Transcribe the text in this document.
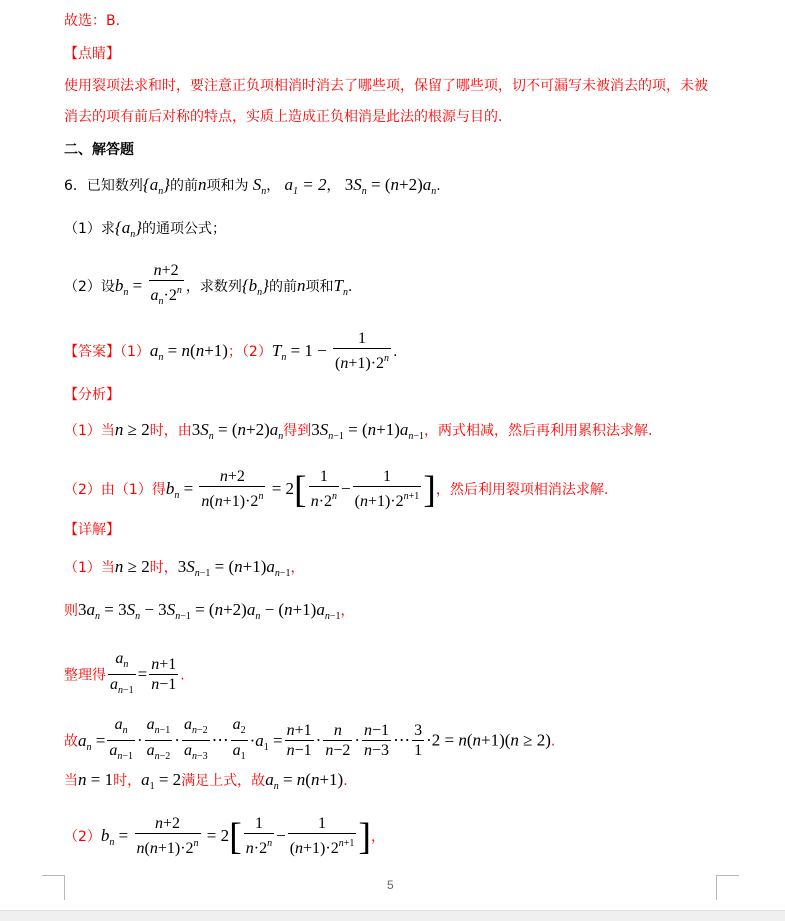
故选：B.
【点睛】
使用裂项法求和时，要注意正负项相消时消去了哪些项，保留了哪些项，切不可漏写未被消去的项，未被
消去的项有前后对称的特点，实质上造成正负相消是此法的根源与目的.
二、解答题
6．已知数列$\{a_n\}$的前n项和为 $S_n$， $a_1 = 2$， $3S_n = (n+2)a_n$.
（1）求$\{a_n\}$的通项公式；
（2）设$b_n = \frac{n+2}{a_n\cdot 2^n}$ ，求数列$\{b_n\}$的前n项和$T_n$．
【答案】$(1)a_n = n(n+1)$；$(2)T_n = 1 - \frac{1}{(n+1)\cdot 2^n}$ .
【分析】
（1）当n ≥ 2时，由$3S_n = (n+2)a_n$得到$3S_{n-1} = (n+1)a_{n-1}$，两式相减，然后再利用累积法求解.
（2）由（1）得$b_n = \frac{n+2}{n(n+1)\cdot 2^n} = 2[ \frac{1}{n\cdot 2^n} - \frac{1}{(n+1)\cdot 2^{n+1}}$ ]，然后利用裂项相消法求解.
【详解】
（1）当n ≥ 2时，$3S_{n-1} = (n+1)a_{n-1}$，
则$3a_n = 3S_n - 3S_{n-1} = (n+2)a_n - (n+1)a_{n-1}$，
整理得 $\frac{a_n}{a_{n-1}} = \frac{n+1}{n-1}$ .
故$a_n = \frac{a_n}{a_{n-1}} \cdot \frac{a_{n-1}}{a_{n-2}} \cdot \frac{a_{n-2}}{a_{n-3}}$ ⋯ $\frac{a_2}{a_1} \cdot a_1 = \frac{n+1}{n-1} \cdot \frac{n}{n-2} \cdot \frac{n-1}{n-3}$ ⋯ $\frac{3}{1} \cdot 2 = n(n+1)(n \ge 2)$.
当n = 1时，$a_1 = 2$满足上式，故$a_n = n(n+1)$.
$(2)b_n = \frac{n+2}{n(n+1)\cdot 2^n} = 2[ \frac{1}{n\cdot 2^n} - \frac{1}{(n+1)\cdot 2^{n+1}}$ ]，
5
